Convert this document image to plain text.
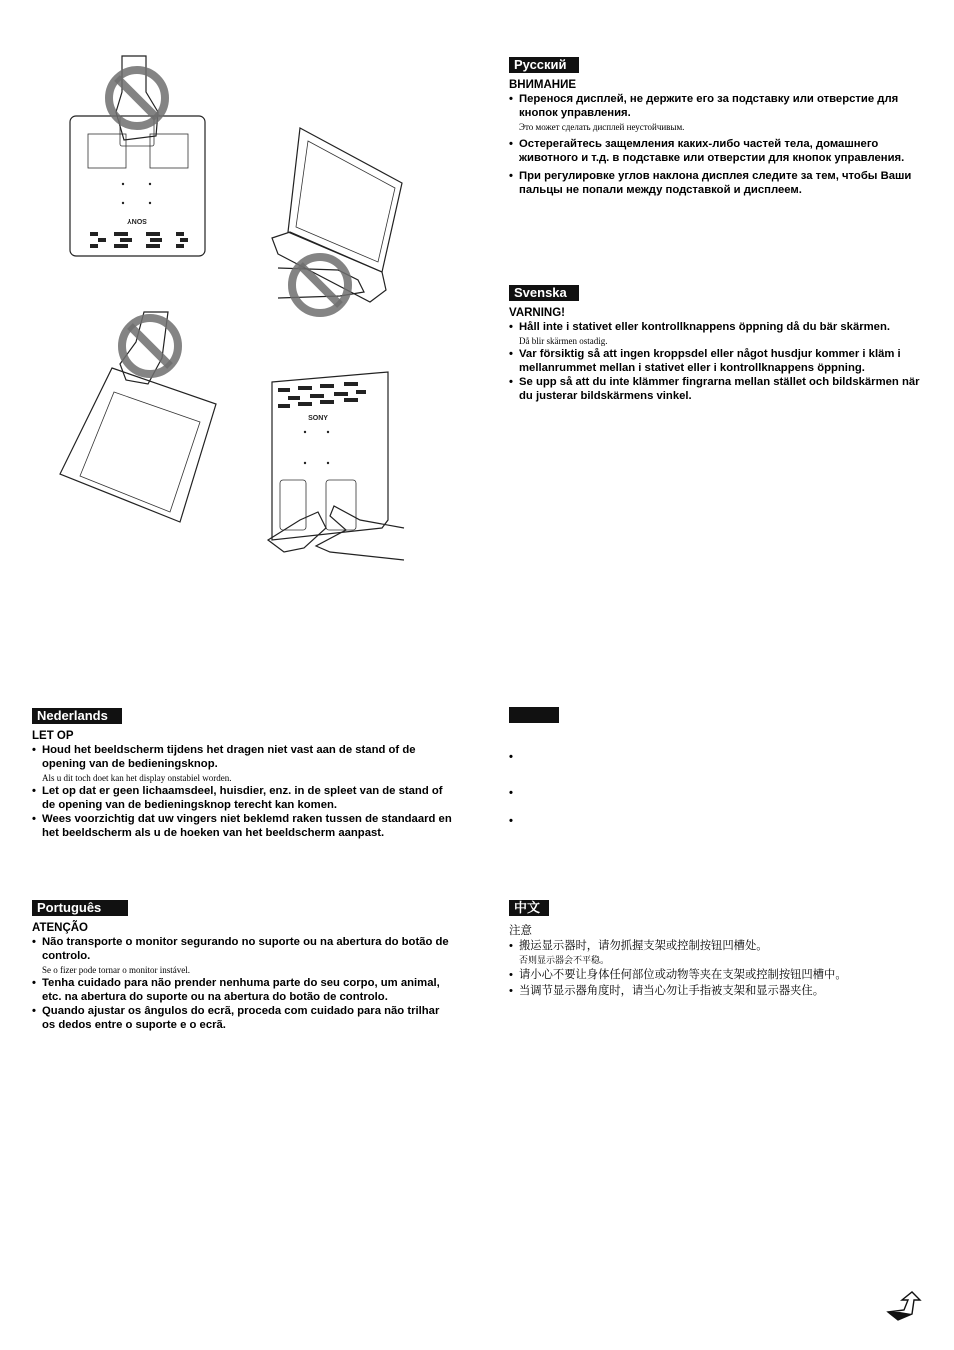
SONY
SONY
Русский
ВНИМАНИЕ
• Перенося дисплей, не держите его за подставку или отверстие для кнопок управления.
Это может сделать дисплей неустойчивым.
• Остерегайтесь защемления каких-либо частей тела, домашнего животного и т.д. в подставке или отверстии для кнопок управления.
• При регулировке углов наклона дисплея следите за тем, чтобы Ваши пальцы не попали между подставкой и дисплеем.
Svenska
VARNING!
• Håll inte i stativet eller kontrollknappens öppning då du bär skärmen.
Då blir skärmen ostadig.
• Var försiktig så att ingen kroppsdel eller något husdjur kommer i kläm i mellanrummet mellan i stativet eller i kontrollknappens öppning.
• Se upp så att du inte klämmer fingrarna mellan stället och bildskärmen när du justerar bildskärmens vinkel.
Nederlands
LET OP
• Houd het beeldscherm tijdens het dragen niet vast aan de stand of de opening van de bedieningsknop.
Als u dit toch doet kan het display onstabiel worden.
• Let op dat er geen lichaamsdeel, huisdier, enz. in de spleet van de stand of de opening van de bedieningsknop terecht kan komen.
• Wees voorzichtig dat uw vingers niet beklemd raken tussen de standaard en het beeldscherm als u de hoeken van het beeldscherm aanpast.
•
•
•
Português
ATENÇÃO
• Não transporte o monitor segurando no suporte ou na abertura do botão de controlo.
Se o fizer pode tornar o monitor instável.
• Tenha cuidado para não prender nenhuma parte do seu corpo, um animal, etc. na abertura do suporte ou na abertura do botão de controlo.
• Quando ajustar os ângulos do ecrã, proceda com cuidado para não trilhar os dedos entre o suporte e o ecrã.
中文
注意
• 搬运显示器时，请勿抓握支架或控制按钮凹槽处。
否则显示器会不平稳。
• 请小心不要让身体任何部位或动物等夹在支架或控制按钮凹槽中。
• 当调节显示器角度时，请当心勿让手指被支架和显示器夹住。
